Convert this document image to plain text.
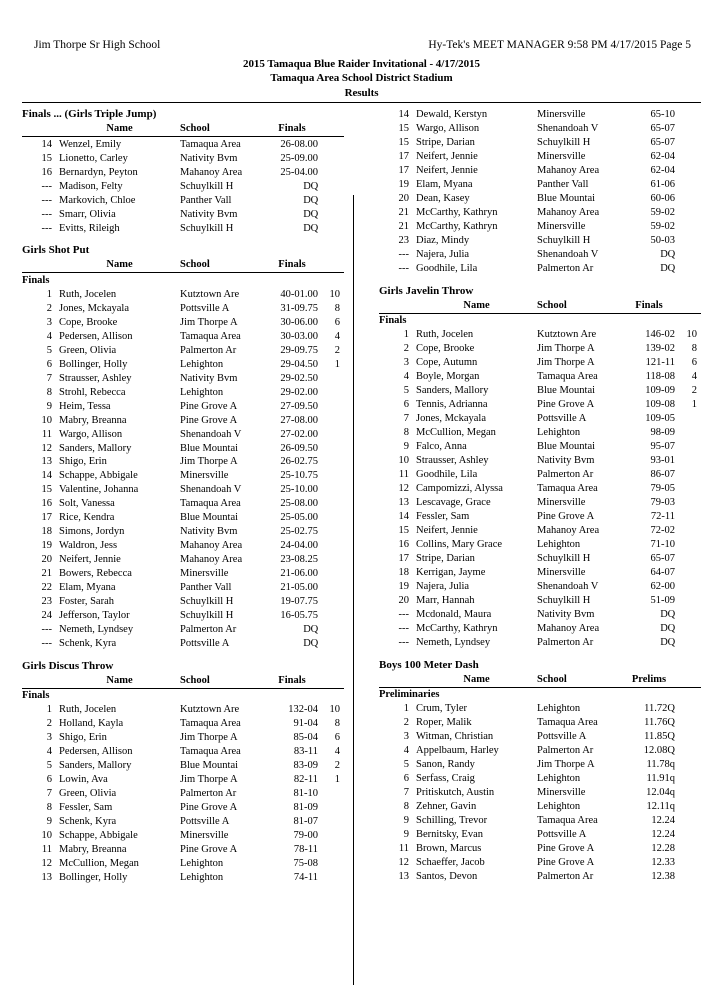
Jim Thorpe Sr High School	Hy-Tek's MEET MANAGER 9:58 PM 4/17/2015 Page 5
2015 Tamaqua Blue Raider Invitational - 4/17/2015
Tamaqua Area School District Stadium
Results
Finals ... (Girls Triple Jump)
	Name	School	Finals	
14	Wenzel, Emily	Tamaqua Area	26-08.00	
15	Lionetto, Carley	Nativity Bvm	25-09.00	
16	Bernardyn, Peyton	Mahanoy Area	25-04.00	
---	Madison, Felty	Schuylkill H	DQ	
---	Markovich, Chloe	Panther Vall	DQ	
---	Smarr, Olivia	Nativity Bvm	DQ	
---	Evitts, Rileigh	Schuylkill H	DQ	
Girls Shot Put
	Name	School	Finals	
Finals				
1	Ruth, Jocelen	Kutztown Are	40-01.00	10
2	Jones, Mckayala	Pottsville A	31-09.75	8
3	Cope, Brooke	Jim Thorpe A	30-06.00	6
4	Pedersen, Allison	Tamaqua Area	30-03.00	4
5	Green, Olivia	Palmerton Ar	29-09.75	2
6	Bollinger, Holly	Lehighton	29-04.50	1
7	Strausser, Ashley	Nativity Bvm	29-02.50	
8	Strohl, Rebecca	Lehighton	29-02.00	
9	Heim, Tessa	Pine Grove A	27-09.50	
10	Mabry, Breanna	Pine Grove A	27-08.00	
11	Wargo, Allison	Shenandoah V	27-02.00	
12	Sanders, Mallory	Blue Mountai	26-09.50	
13	Shigo, Erin	Jim Thorpe A	26-02.75	
14	Schappe, Abbigale	Minersville	25-10.75	
15	Valentine, Johanna	Shenandoah V	25-10.00	
16	Solt, Vanessa	Tamaqua Area	25-08.00	
17	Rice, Kendra	Blue Mountai	25-05.00	
18	Simons, Jordyn	Nativity Bvm	25-02.75	
19	Waldron, Jess	Mahanoy Area	24-04.00	
20	Neifert, Jennie	Mahanoy Area	23-08.25	
21	Bowers, Rebecca	Minersville	21-06.00	
22	Elam, Myana	Panther Vall	21-05.00	
23	Foster, Sarah	Schuylkill H	19-07.75	
24	Jefferson, Taylor	Schuylkill H	16-05.75	
---	Nemeth, Lyndsey	Palmerton Ar	DQ	
---	Schenk, Kyra	Pottsville A	DQ	
Girls Discus Throw
	Name	School	Finals	
Finals				
1	Ruth, Jocelen	Kutztown Are	132-04	10
2	Holland, Kayla	Tamaqua Area	91-04	8
3	Shigo, Erin	Jim Thorpe A	85-04	6
4	Pedersen, Allison	Tamaqua Area	83-11	4
5	Sanders, Mallory	Blue Mountai	83-09	2
6	Lowin, Ava	Jim Thorpe A	82-11	1
7	Green, Olivia	Palmerton Ar	81-10	
8	Fessler, Sam	Pine Grove A	81-09	
9	Schenk, Kyra	Pottsville A	81-07	
10	Schappe, Abbigale	Minersville	79-00	
11	Mabry, Breanna	Pine Grove A	78-11	
12	McCullion, Megan	Lehighton	75-08	
13	Bollinger, Holly	Lehighton	74-11	
14	Dewald, Kerstyn	Minersville	65-10	
15	Wargo, Allison	Shenandoah V	65-07	
15	Stripe, Darian	Schuylkill H	65-07	
17	Neifert, Jennie	Minersville	62-04	
17	Neifert, Jennie	Mahanoy Area	62-04	
19	Elam, Myana	Panther Vall	61-06	
20	Dean, Kasey	Blue Mountai	60-06	
21	McCarthy, Kathryn	Mahanoy Area	59-02	
21	McCarthy, Kathryn	Minersville	59-02	
23	Diaz, Mindy	Schuylkill H	50-03	
---	Najera, Julia	Shenandoah V	DQ	
---	Goodhile, Lila	Palmerton Ar	DQ	
Girls Javelin Throw
	Name	School	Finals	
Finals				
1	Ruth, Jocelen	Kutztown Are	146-02	10
2	Cope, Brooke	Jim Thorpe A	139-02	8
3	Cope, Autumn	Jim Thorpe A	121-11	6
4	Boyle, Morgan	Tamaqua Area	118-08	4
5	Sanders, Mallory	Blue Mountai	109-09	2
6	Tennis, Adrianna	Pine Grove A	109-08	1
7	Jones, Mckayala	Pottsville A	109-05	
8	McCullion, Megan	Lehighton	98-09	
9	Falco, Anna	Blue Mountai	95-07	
10	Strausser, Ashley	Nativity Bvm	93-01	
11	Goodhile, Lila	Palmerton Ar	86-07	
12	Campomizzi, Alyssa	Tamaqua Area	79-05	
13	Lescavage, Grace	Minersville	79-03	
14	Fessler, Sam	Pine Grove A	72-11	
15	Neifert, Jennie	Mahanoy Area	72-02	
16	Collins, Mary Grace	Lehighton	71-10	
17	Stripe, Darian	Schuylkill H	65-07	
18	Kerrigan, Jayme	Minersville	64-07	
19	Najera, Julia	Shenandoah V	62-00	
20	Marr, Hannah	Schuylkill H	51-09	
---	Mcdonald, Maura	Nativity Bvm	DQ	
---	McCarthy, Kathryn	Mahanoy Area	DQ	
---	Nemeth, Lyndsey	Palmerton Ar	DQ	
Boys 100 Meter Dash
	Name	School	Prelims	
Preliminaries				
1	Crum, Tyler	Lehighton	11.72Q	
2	Roper, Malik	Tamaqua Area	11.76Q	
3	Witman, Christian	Pottsville A	11.85Q	
4	Appelbaum, Harley	Palmerton Ar	12.08Q	
5	Sanon, Randy	Jim Thorpe A	11.78q	
6	Serfass, Craig	Lehighton	11.91q	
7	Pritiskutch, Austin	Minersville	12.04q	
8	Zehner, Gavin	Lehighton	12.11q	
9	Schilling, Trevor	Tamaqua Area	12.24	
9	Bernitsky, Evan	Pottsville A	12.24	
11	Brown, Marcus	Pine Grove A	12.28	
12	Schaeffer, Jacob	Pine Grove A	12.33	
13	Santos, Devon	Palmerton Ar	12.38	
